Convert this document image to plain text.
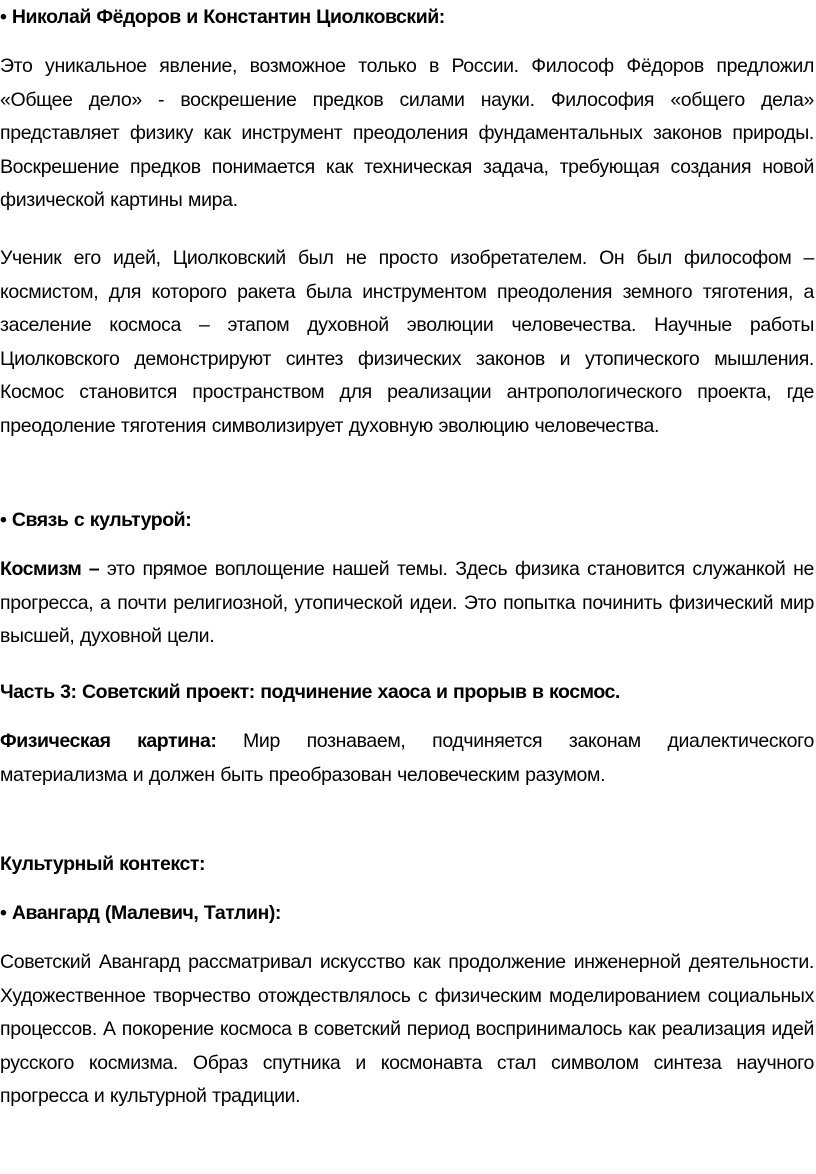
• Николай Фёдоров и Константин Циолковский:

Это уникальное явление, возможное только в России. Философ Фёдоров предложил «Общее дело» - воскрешение предков силами науки. Философия «общего дела» представляет физику как инструмент преодоления фундаментальных законов природы. Воскрешение предков понимается как техническая задача, требующая создания новой физической картины мира.

Ученик его идей, Циолковский был не просто изобретателем. Он был философом – космистом, для которого ракета была инструментом преодоления земного тяготения, а заселение космоса – этапом духовной эволюции человечества. Научные работы Циолковского демонстрируют синтез физических законов и утопического мышления. Космос становится пространством для реализации антропологического проекта, где преодоление тяготения символизирует духовную эволюцию человечества.

• Связь с культурой:

Космизм – это прямое воплощение нашей темы. Здесь физика становится служанкой не прогресса, а почти религиозной, утопической идеи. Это попытка починить физический мир высшей, духовной цели.

Часть 3: Советский проект: подчинение хаоса и прорыв в космос.

Физическая картина: Мир познаваем, подчиняется законам диалектического материализма и должен быть преобразован человеческим разумом.

Культурный контекст:

• Авангард (Малевич, Татлин):

Советский Авангард рассматривал искусство как продолжение инженерной деятельности. Художественное творчество отождествлялось с физическим моделированием социальных процессов. А покорение космоса в советский период воспринималось как реализация идей русского космизма. Образ спутника и космонавта стал символом синтеза научного прогресса и культурной традиции.
